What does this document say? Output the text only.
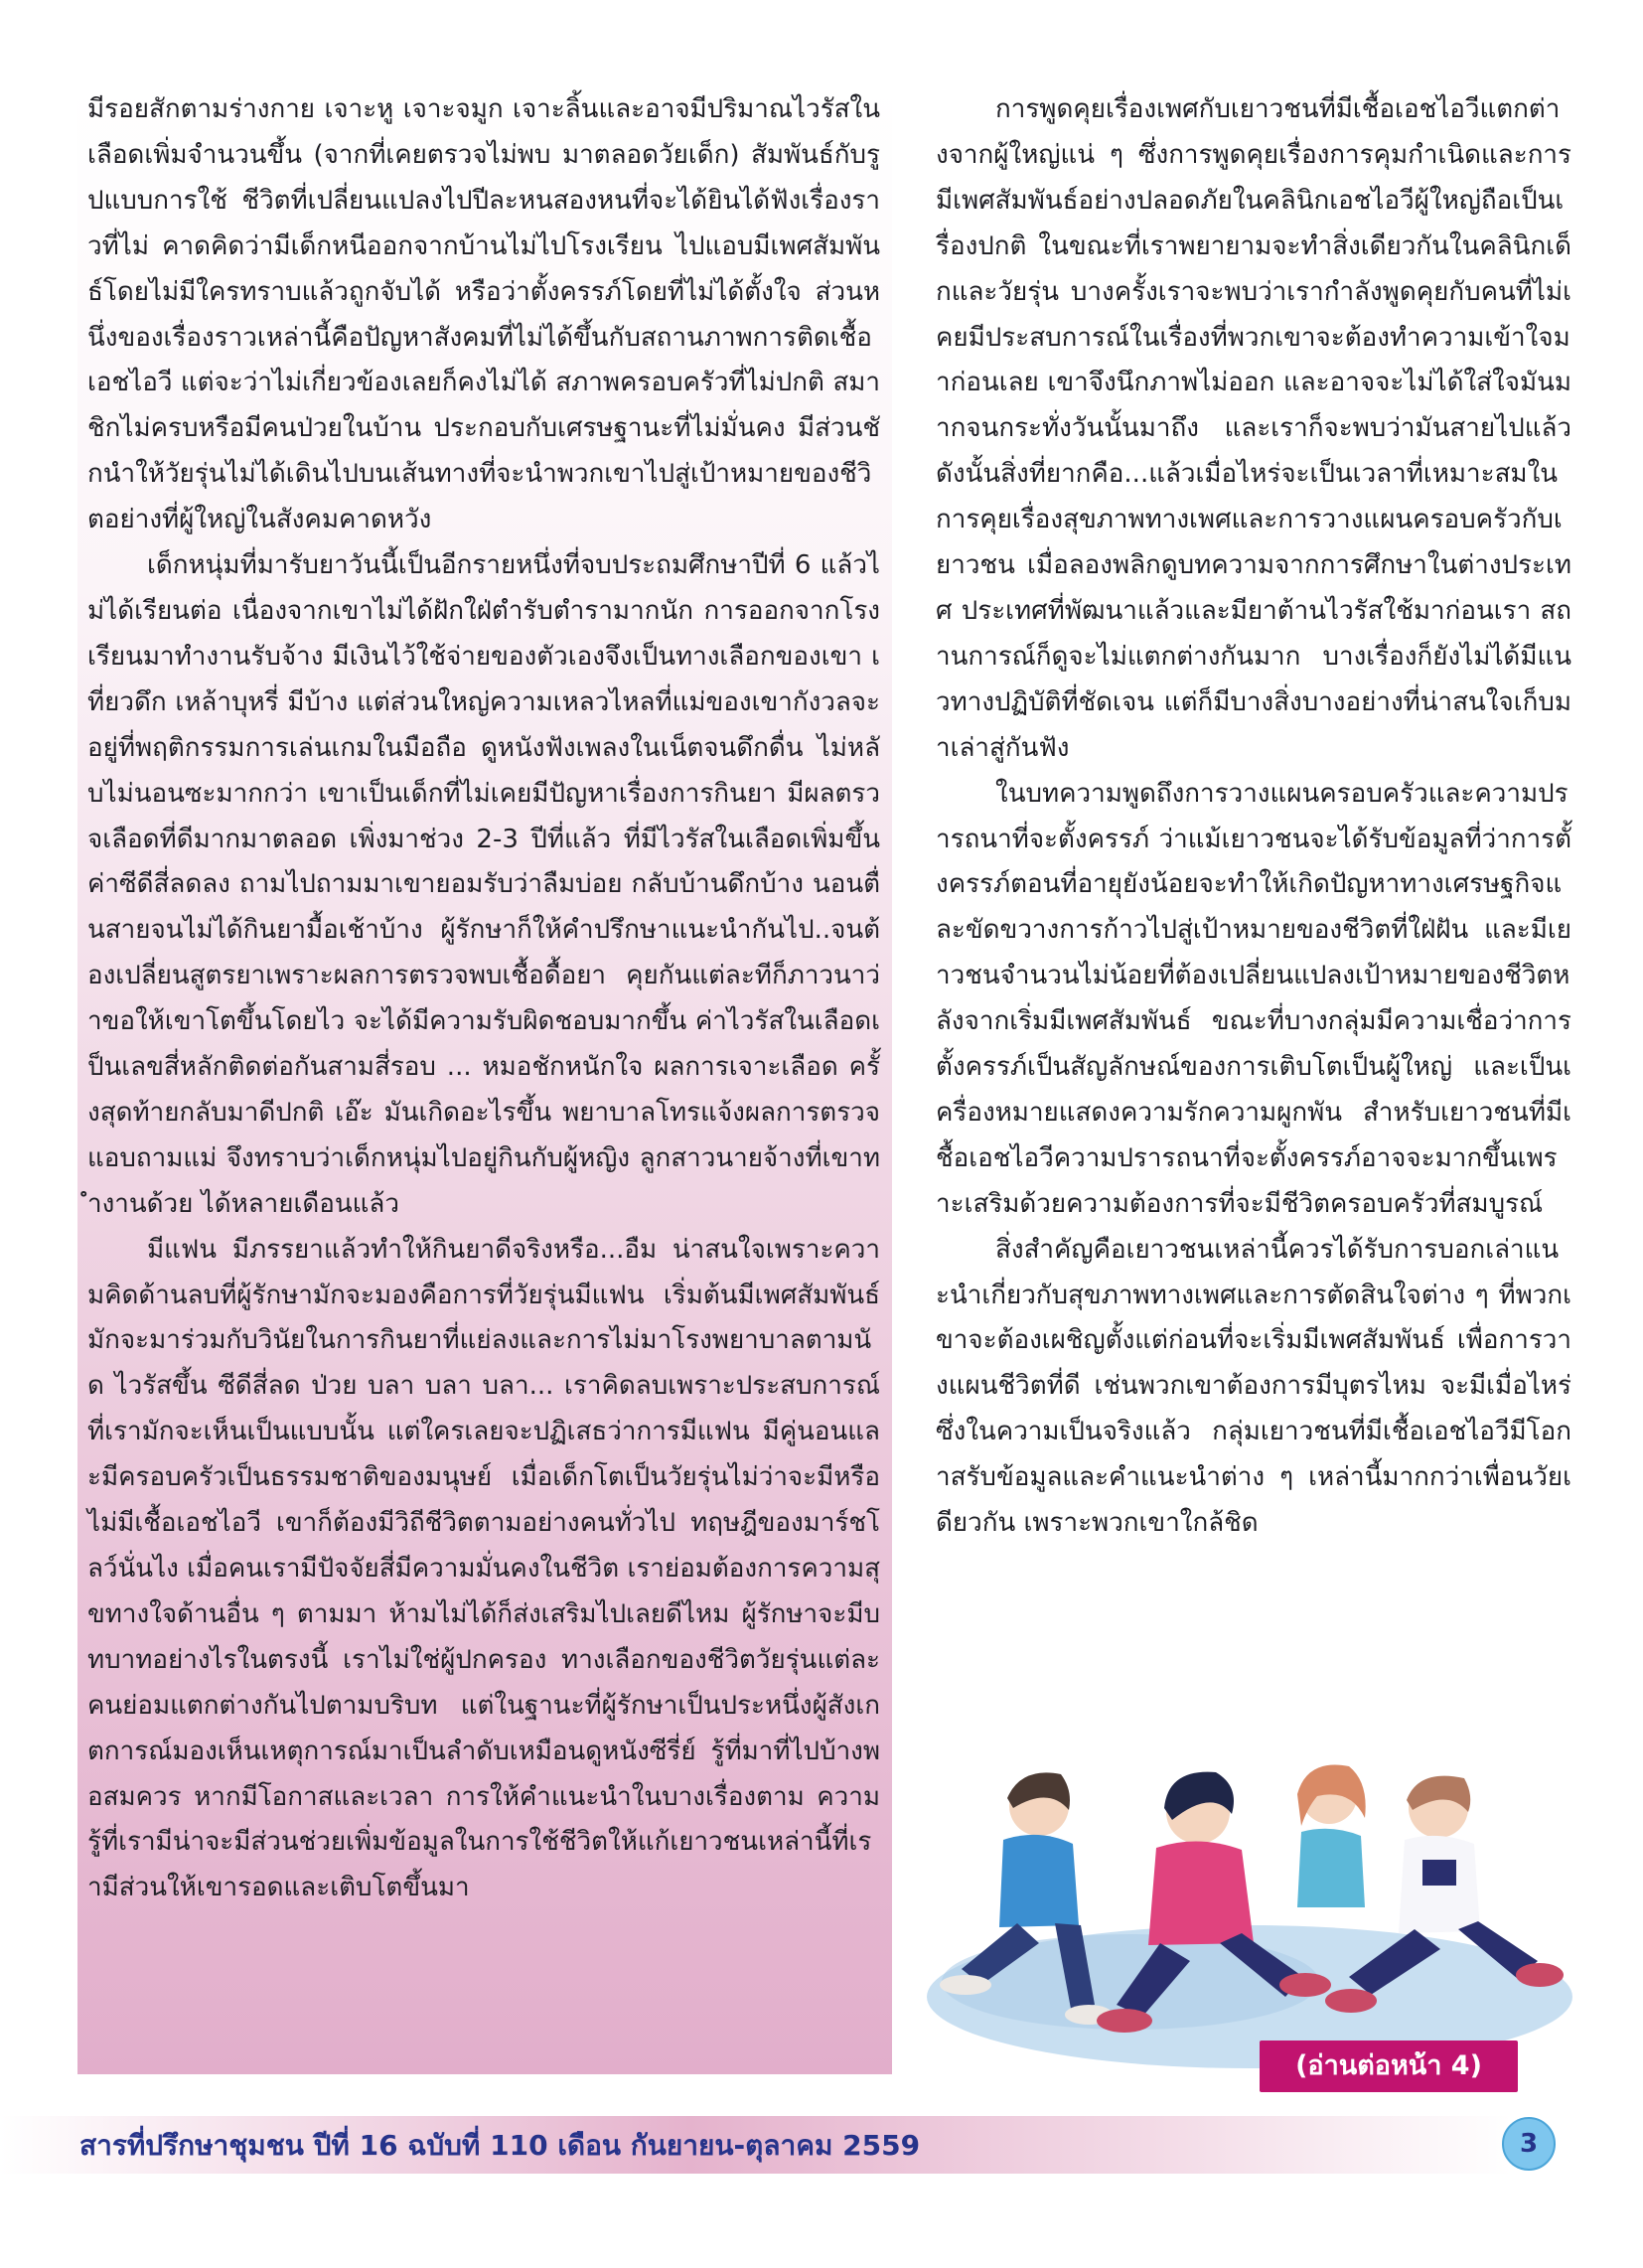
มีรอยสักตามร่างกาย เจาะหู เจาะจมูก เจาะลิ้นและอาจมีปริมาณไวรัสในเลือดเพิ่มจำนวนขึ้น (จากที่เคยตรวจไม่พบ มาตลอดวัยเด็ก) สัมพันธ์กับรูปแบบการใช้ ชีวิตที่เปลี่ยนแปลงไปปีละหนสองหนที่จะได้ยินได้ฟังเรื่องราวที่ไม่ คาดคิดว่ามีเด็กหนีออกจากบ้านไม่ไปโรงเรียน ไปแอบมีเพศสัมพันธ์โดยไม่มีใครทราบแล้วถูกจับได้ หรือว่าตั้งครรภ์โดยที่ไม่ได้ตั้งใจ ส่วนหนึ่งของเรื่องราวเหล่านี้คือปัญหาสังคมที่ไม่ได้ขึ้นกับสถานภาพการติดเชื้อเอชไอวี แต่จะว่าไม่เกี่ยวข้องเลยก็คงไม่ได้ สภาพครอบครัวที่ไม่ปกติ สมาชิกไม่ครบหรือมีคนป่วยในบ้าน ประกอบกับเศรษฐานะที่ไม่มั่นคง มีส่วนชักนำให้วัยรุ่นไม่ได้เดินไปบนเส้นทางที่จะนำพวกเขาไปสู่เป้าหมายของชีวิตอย่างที่ผู้ใหญ่ในสังคมคาดหวัง

เด็กหนุ่มที่มารับยาวันนี้เป็นอีกรายหนึ่งที่จบประถมศึกษาปีที่ 6 แล้วไม่ได้เรียนต่อ เนื่องจากเขาไม่ได้ฝักใฝ่ตำรับตำรามากนัก การออกจากโรงเรียนมาทำงานรับจ้าง มีเงินไว้ใช้จ่ายของตัวเองจึงเป็นทางเลือกของเขา เที่ยวดึก เหล้าบุหรี่ มีบ้าง แต่ส่วนใหญ่ความเหลวไหลที่แม่ของเขากังวลจะอยู่ที่พฤติกรรมการเล่นเกมในมือถือ ดูหนังฟังเพลงในเน็ตจนดึกดื่น ไม่หลับไม่นอนซะมากกว่า เขาเป็นเด็กที่ไม่เคยมีปัญหาเรื่องการกินยา มีผลตรวจเลือดที่ดีมากมาตลอด เพิ่งมาช่วง 2-3 ปีที่แล้ว ที่มีไวรัสในเลือดเพิ่มขึ้น ค่าซีดีสี่ลดลง ถามไปถามมาเขายอมรับว่าลืมบ่อย กลับบ้านดึกบ้าง นอนตื่นสายจนไม่ได้กินยามื้อเช้าบ้าง ผู้รักษาก็ให้คำปรึกษาแนะนำกันไป..จนต้องเปลี่ยนสูตรยาเพราะผลการตรวจพบเชื้อดื้อยา คุยกันแต่ละทีก็ภาวนาว่าขอให้เขาโตขึ้นโดยไว จะได้มีความรับผิดชอบมากขึ้น ค่าไวรัสในเลือดเป็นเลขสี่หลักติดต่อกันสามสี่รอบ ... หมอชักหนักใจ ผลการเจาะเลือด ครั้งสุดท้ายกลับมาดีปกติ เอ๊ะ มันเกิดอะไรขึ้น พยาบาลโทรแจ้งผลการตรวจ แอบถามแม่ จึงทราบว่าเด็กหนุ่มไปอยู่กินกับผู้หญิง ลูกสาวนายจ้างที่เขาทำงานด้วย ได้หลายเดือนแล้ว

มีแฟน มีภรรยาแล้วทำให้กินยาดีจริงหรือ...อืม น่าสนใจเพราะความคิดด้านลบที่ผู้รักษามักจะมองคือการที่วัยรุ่นมีแฟน เริ่มต้นมีเพศสัมพันธ์ มักจะมาร่วมกับวินัยในการกินยาที่แย่ลงและการไม่มาโรงพยาบาลตามนัด ไวรัสขึ้น ซีดีสี่ลด ป่วย บลา บลา บลา... เราคิดลบเพราะประสบการณ์ที่เรามักจะเห็นเป็นแบบนั้น แต่ใครเลยจะปฏิเสธว่าการมีแฟน มีคู่นอนและมีครอบครัวเป็นธรรมชาติของมนุษย์ เมื่อเด็กโตเป็นวัยรุ่นไม่ว่าจะมีหรือไม่มีเชื้อเอชไอวี เขาก็ต้องมีวิถีชีวิตตามอย่างคนทั่วไป ทฤษฎีของมาร์ชโลว์นั่นไง เมื่อคนเรามีปัจจัยสี่มีความมั่นคงในชีวิต เราย่อมต้องการความสุขทางใจด้านอื่น ๆ ตามมา ห้ามไม่ได้ก็ส่งเสริมไปเลยดีไหม ผู้รักษาจะมีบทบาทอย่างไรในตรงนี้ เราไม่ใช่ผู้ปกครอง ทางเลือกของชีวิตวัยรุ่นแต่ละคนย่อมแตกต่างกันไปตามบริบท แต่ในฐานะที่ผู้รักษาเป็นประหนึ่งผู้สังเกตการณ์มองเห็นเหตุการณ์มาเป็นลำดับเหมือนดูหนังซีรี่ย์ รู้ที่มาที่ไปบ้างพอสมควร หากมีโอกาสและเวลา การให้คำแนะนำในบางเรื่องตาม ความรู้ที่เรามีน่าจะมีส่วนช่วยเพิ่มข้อมูลในการใช้ชีวิตให้แก้เยาวชนเหล่านี้ที่เรามีส่วนให้เขารอดและเติบโตขึ้นมา

การพูดคุยเรื่องเพศกับเยาวชนที่มีเชื้อเอชไอวีแตกต่างจากผู้ใหญ่แน่ ๆ ซึ่งการพูดคุยเรื่องการคุมกำเนิดและการมีเพศสัมพันธ์อย่างปลอดภัยในคลินิกเอชไอวีผู้ใหญ่ถือเป็นเรื่องปกติ ในขณะที่เราพยายามจะทำสิ่งเดียวกันในคลินิกเด็กและวัยรุ่น บางครั้งเราจะพบว่าเรากำลังพูดคุยกับคนที่ไม่เคยมีประสบการณ์ในเรื่องที่พวกเขาจะต้องทำความเข้าใจมาก่อนเลย เขาจึงนึกภาพไม่ออก และอาจจะไม่ได้ใส่ใจมันมากจนกระทั่งวันนั้นมาถึง และเราก็จะพบว่ามันสายไปแล้ว ดังนั้นสิ่งที่ยากคือ...แล้วเมื่อไหร่จะเป็นเวลาที่เหมาะสมในการคุยเรื่องสุขภาพทางเพศและการวางแผนครอบครัวกับเยาวชน เมื่อลองพลิกดูบทความจากการศึกษาในต่างประเทศ ประเทศที่พัฒนาแล้วและมียาต้านไวรัสใช้มาก่อนเรา สถานการณ์ก็ดูจะไม่แตกต่างกันมาก บางเรื่องก็ยังไม่ได้มีแนวทางปฏิบัติที่ชัดเจน แต่ก็มีบางสิ่งบางอย่างที่น่าสนใจเก็บมาเล่าสู่กันฟัง

ในบทความพูดถึงการวางแผนครอบครัวและความปรารถนาที่จะตั้งครรภ์ ว่าแม้เยาวชนจะได้รับข้อมูลที่ว่าการตั้งครรภ์ตอนที่อายุยังน้อยจะทำให้เกิดปัญหาทางเศรษฐกิจและขัดขวางการก้าวไปสู่เป้าหมายของชีวิตที่ใฝ่ฝัน และมีเยาวชนจำนวนไม่น้อยที่ต้องเปลี่ยนแปลงเป้าหมายของชีวิตหลังจากเริ่มมีเพศสัมพันธ์ ขณะที่บางกลุ่มมีความเชื่อว่าการตั้งครรภ์เป็นสัญลักษณ์ของการเติบโตเป็นผู้ใหญ่ และเป็นเครื่องหมายแสดงความรักความผูกพัน สำหรับเยาวชนที่มีเชื้อเอชไอวีความปรารถนาที่จะตั้งครรภ์อาจจะมากขึ้นเพราะเสริมด้วยความต้องการที่จะมีชีวิตครอบครัวที่สมบูรณ์

สิ่งสำคัญคือเยาวชนเหล่านี้ควรได้รับการบอกเล่าแนะนำเกี่ยวกับสุขภาพทางเพศและการตัดสินใจต่าง ๆ ที่พวกเขาจะต้องเผชิญตั้งแต่ก่อนที่จะเริ่มมีเพศสัมพันธ์ เพื่อการวางแผนชีวิตที่ดี เช่นพวกเขาต้องการมีบุตรไหม จะมีเมื่อไหร่ ซึ่งในความเป็นจริงแล้ว กลุ่มเยาวชนที่มีเชื้อเอชไอวีมีโอกาสรับข้อมูลและคำแนะนำต่าง ๆ เหล่านี้มากกว่าเพื่อนวัยเดียวกัน เพราะพวกเขาใกล้ชิด

(อ่านต่อหน้า 4)
สารที่ปรึกษาชุมชน ปีที่ 16 ฉบับที่ 110 เดือน กันยายน-ตุลาคม 2559	3
